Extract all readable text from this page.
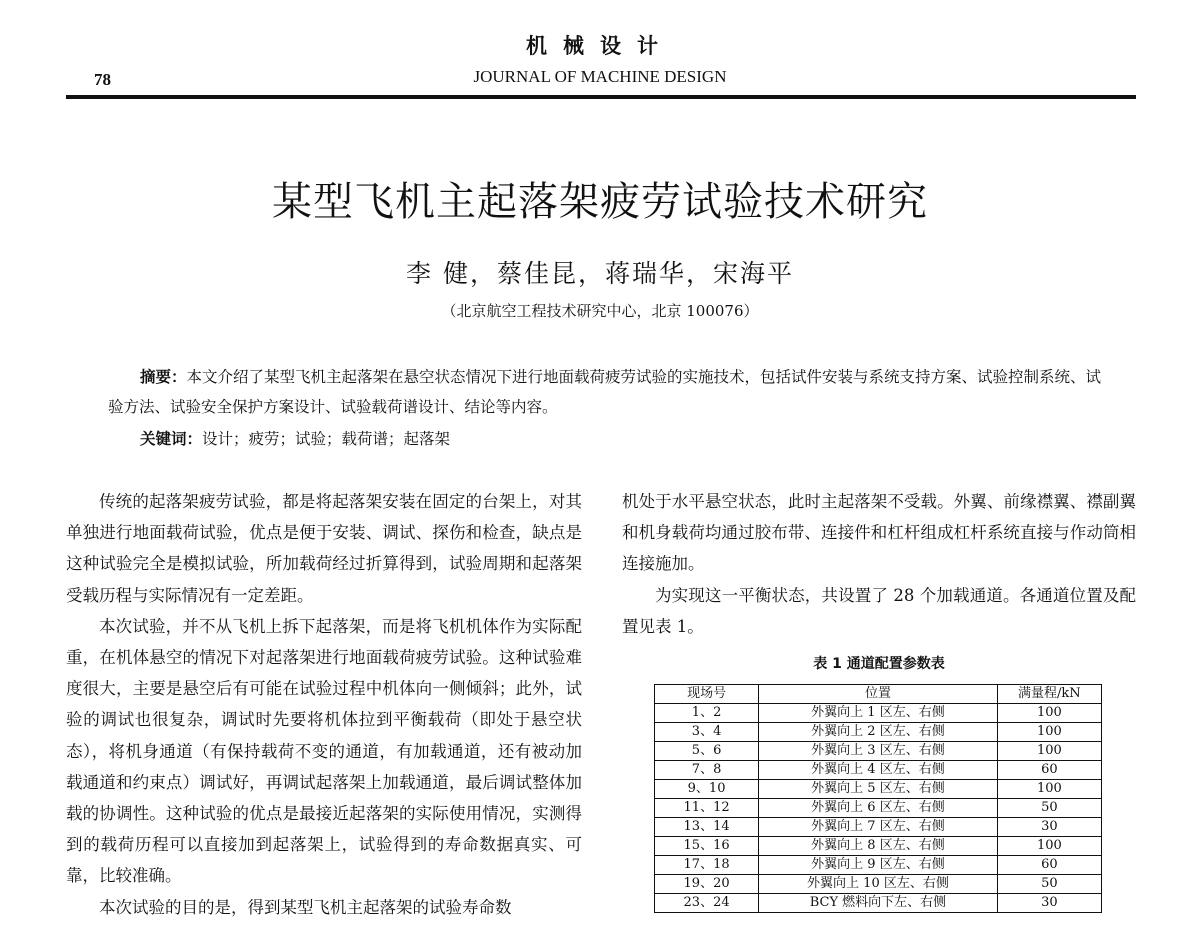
机械设计
78	JOURNAL OF MACHINE DESIGN
某型飞机主起落架疲劳试验技术研究
李 健，蔡佳昆，蒋瑞华，宋海平
（北京航空工程技术研究中心，北京 100076）
摘要：本文介绍了某型飞机主起落架在悬空状态情况下进行地面载荷疲劳试验的实施技术，包括试件安装与系统支持方案、试验控制系统、试验方法、试验安全保护方案设计、试验载荷谱设计、结论等内容。
关键词：设计；疲劳；试验；载荷谱；起落架

传统的起落架疲劳试验，都是将起落架安装在固定的台架上，对其单独进行地面载荷试验，优点是便于安装、调试、探伤和检查，缺点是这种试验完全是模拟试验，所加载荷经过折算得到，试验周期和起落架受载历程与实际情况有一定差距。

本次试验，并不从飞机上拆下起落架，而是将飞机机体作为实际配重，在机体悬空的情况下对起落架进行地面载荷疲劳试验。这种试验难度很大，主要是悬空后有可能在试验过程中机体向一侧倾斜；此外，试验的调试也很复杂，调试时先要将机体拉到平衡载荷（即处于悬空状态），将机身通道（有保持载荷不变的通道，有加载通道，还有被动加载通道和约束点）调试好，再调试起落架上加载通道，最后调试整体加载的协调性。这种试验的优点是最接近起落架的实际使用情况，实测得到的载荷历程可以直接加到起落架上，试验得到的寿命数据真实、可靠，比较准确。

本次试验的目的是，得到某型飞机主起落架的试验寿命数

机处于水平悬空状态，此时主起落架不受载。外翼、前缘襟翼、襟副翼和机身载荷均通过胶布带、连接件和杠杆组成杠杆系统直接与作动筒相连接施加。

为实现这一平衡状态，共设置了 28 个加载通道。各通道位置及配置见表 1。

表 1 通道配置参数表
现场号	位置	满量程/kN
1、2	外翼向上 1 区左、右侧	100
3、4	外翼向上 2 区左、右侧	100
5、6	外翼向上 3 区左、右侧	100
7、8	外翼向上 4 区左、右侧	60
9、10	外翼向上 5 区左、右侧	100
11、12	外翼向上 6 区左、右侧	50
13、14	外翼向上 7 区左、右侧	30
15、16	外翼向上 8 区左、右侧	100
17、18	外翼向上 9 区左、右侧	60
19、20	外翼向上 10 区左、右侧	50
23、24	BCY 燃料向下左、右侧	30
